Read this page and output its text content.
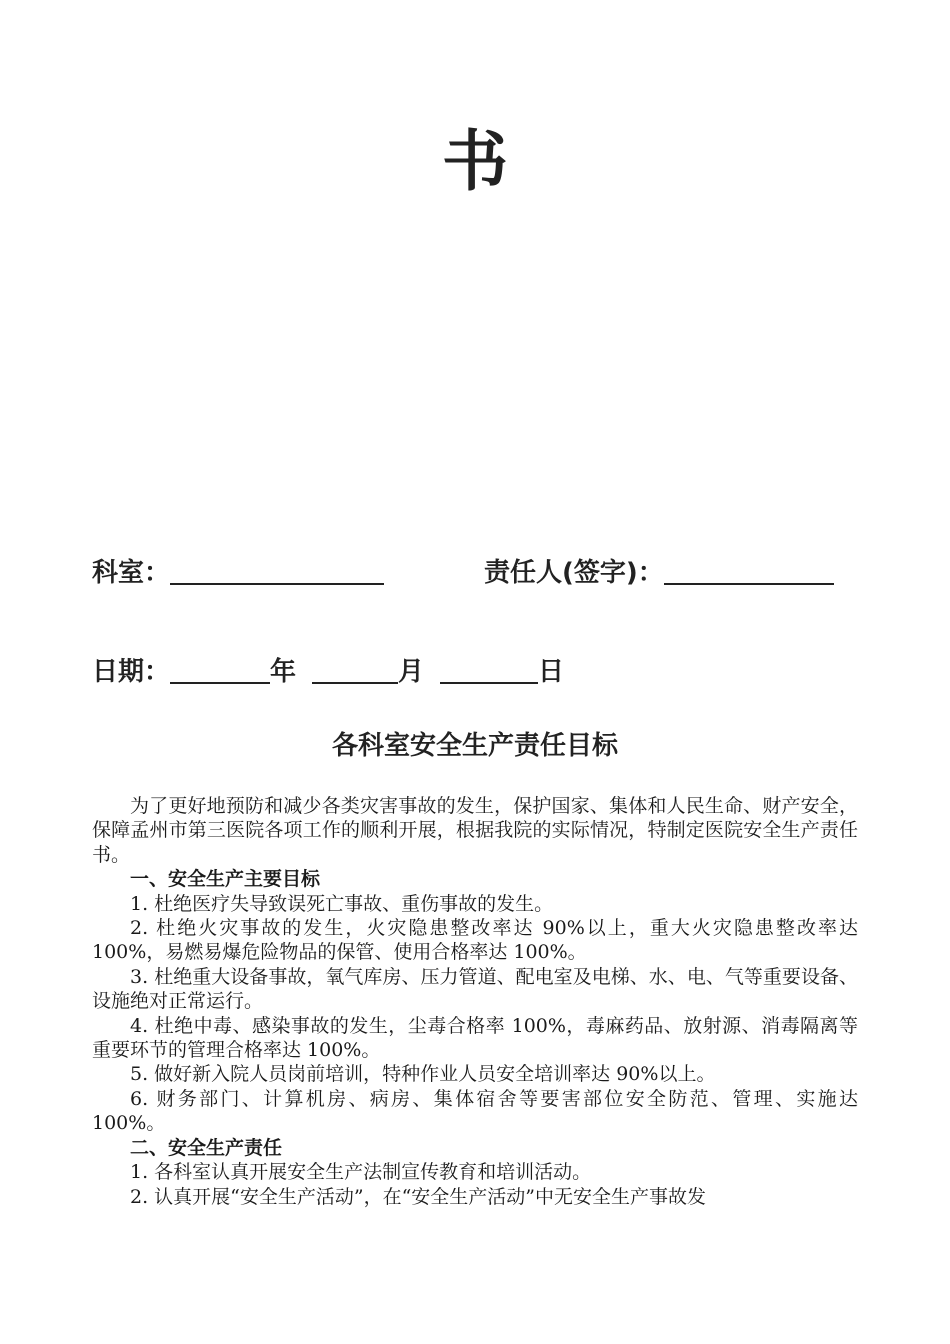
书
科室：	责任人(签字)：
日期：	年	月	日
各科室安全生产责任目标

为了更好地预防和减少各类灾害事故的发生，保护国家、集体和人民生命、财产安全，保障孟州市第三医院各项工作的顺利开展，根据我院的实际情况，特制定医院安全生产责任书。

一、安全生产主要目标

1. 杜绝医疗失导致误死亡事故、重伤事故的发生。

2. 杜绝火灾事故的发生，火灾隐患整改率达 90%以上，重大火灾隐患整改率达 100%，易燃易爆危险物品的保管、使用合格率达 100%。

3. 杜绝重大设备事故，氧气库房、压力管道、配电室及电梯、水、电、气等重要设备、设施绝对正常运行。

4. 杜绝中毒、感染事故的发生，尘毒合格率 100%，毒麻药品、放射源、消毒隔离等重要环节的管理合格率达 100%。

5. 做好新入院人员岗前培训，特种作业人员安全培训率达 90%以上。

6. 财务部门、计算机房、病房、集体宿舍等要害部位安全防范、管理、实施达 100%。

二、安全生产责任

1. 各科室认真开展安全生产法制宣传教育和培训活动。

2. 认真开展“安全生产活动”，在“安全生产活动”中无安全生产事故发
